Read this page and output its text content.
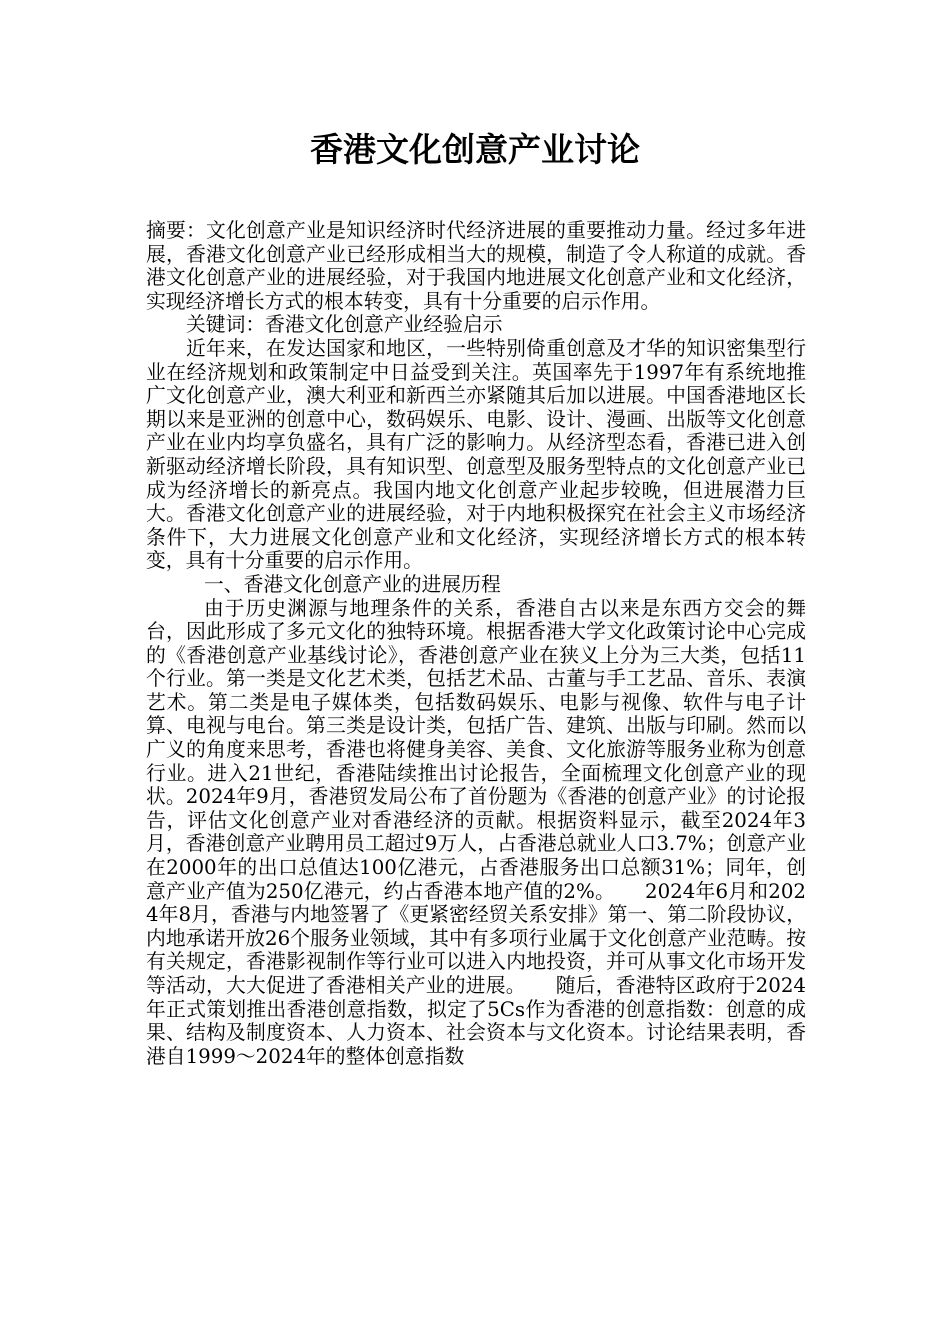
香港文化创意产业讨论

摘要：文化创意产业是知识经济时代经济进展的重要推动力量。经过多年进展，香港文化创意产业已经形成相当大的规模，制造了令人称道的成就。香港文化创意产业的进展经验，对于我国内地进展文化创意产业和文化经济，实现经济增长方式的根本转变，具有十分重要的启示作用。

关键词：香港文化创意产业经验启示

近年来，在发达国家和地区，一些特别倚重创意及才华的知识密集型行业在经济规划和政策制定中日益受到关注。英国率先于1997年有系统地推广文化创意产业，澳大利亚和新西兰亦紧随其后加以进展。中国香港地区长期以来是亚洲的创意中心，数码娱乐、电影、设计、漫画、出版等文化创意产业在业内均享负盛名，具有广泛的影响力。从经济型态看，香港已进入创新驱动经济增长阶段，具有知识型、创意型及服务型特点的文化创意产业已成为经济增长的新亮点。我国内地文化创意产业起步较晚，但进展潜力巨大。香港文化创意产业的进展经验，对于内地积极探究在社会主义市场经济条件下，大力进展文化创意产业和文化经济，实现经济增长方式的根本转变，具有十分重要的启示作用。

一、香港文化创意产业的进展历程

由于历史渊源与地理条件的关系，香港自古以来是东西方交会的舞台，因此形成了多元文化的独特环境。根据香港大学文化政策讨论中心完成的《香港创意产业基线讨论》，香港创意产业在狭义上分为三大类，包括11个行业。第一类是文化艺术类，包括艺术品、古董与手工艺品、音乐、表演艺术。第二类是电子媒体类，包括数码娱乐、电影与视像、软件与电子计算、电视与电台。第三类是设计类，包括广告、建筑、出版与印刷。然而以广义的角度来思考，香港也将健身美容、美食、文化旅游等服务业称为创意行业。进入21世纪，香港陆续推出讨论报告，全面梳理文化创意产业的现状。2024年9月，香港贸发局公布了首份题为《香港的创意产业》的讨论报告，评估文化创意产业对香港经济的贡献。根据资料显示，截至2024年3月，香港创意产业聘用员工超过9万人，占香港总就业人口3.7%；创意产业在2000年的出口总值达100亿港元，占香港服务出口总额31%；同年，创意产业产值为250亿港元，约占香港本地产值的2%。　　2024年6月和2024年8月，香港与内地签署了《更紧密经贸关系安排》第一、第二阶段协议，内地承诺开放26个服务业领域，其中有多项行业属于文化创意产业范畴。按有关规定，香港影视制作等行业可以进入内地投资，并可从事文化市场开发等活动，大大促进了香港相关产业的进展。　　随后，香港特区政府于2024年正式策划推出香港创意指数，拟定了5Cs作为香港的创意指数：创意的成果、结构及制度资本、人力资本、社会资本与文化资本。讨论结果表明，香港自1999～2024年的整体创意指数
